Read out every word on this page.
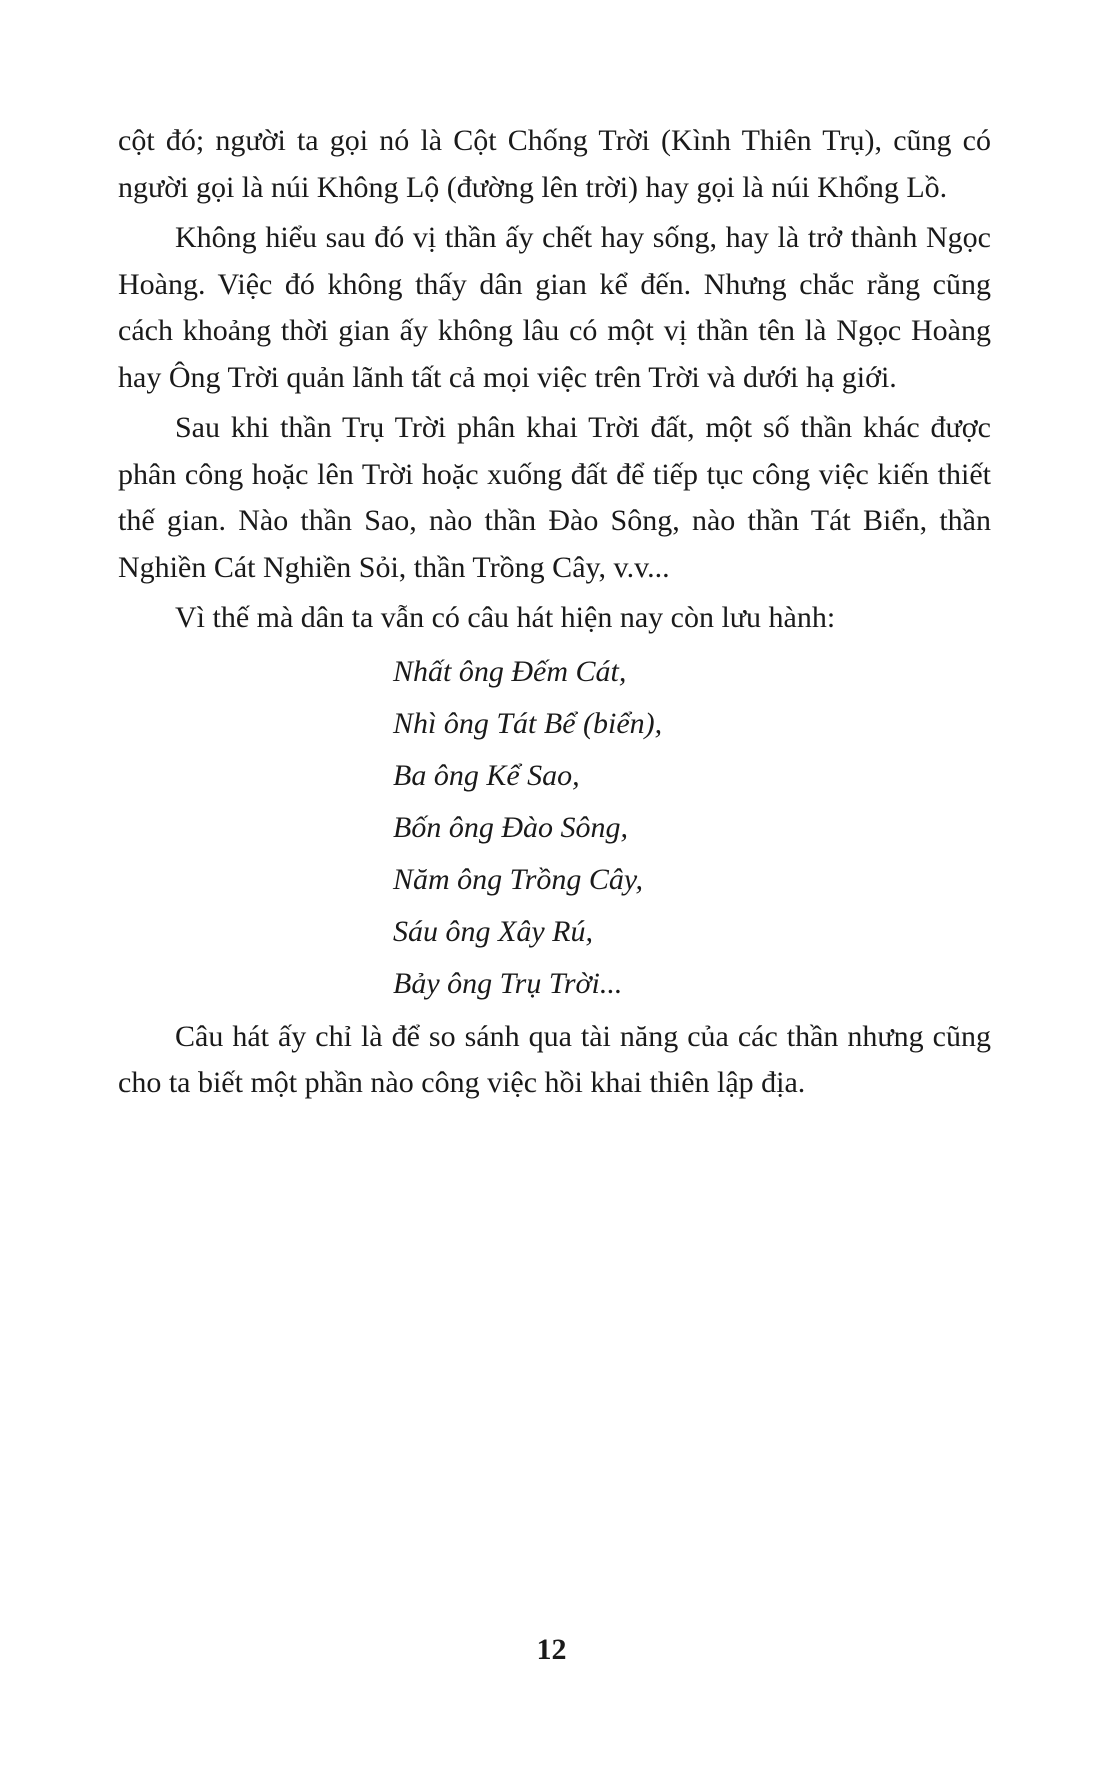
cột đó; người ta gọi nó là Cột Chống Trời (Kình Thiên Trụ), cũng có người gọi là núi Không Lộ (đường lên trời) hay gọi là núi Khổng Lồ.

Không hiểu sau đó vị thần ấy chết hay sống, hay là trở thành Ngọc Hoàng. Việc đó không thấy dân gian kể đến. Nhưng chắc rằng cũng cách khoảng thời gian ấy không lâu có một vị thần tên là Ngọc Hoàng hay Ông Trời quản lãnh tất cả mọi việc trên Trời và dưới hạ giới.

Sau khi thần Trụ Trời phân khai Trời đất, một số thần khác được phân công hoặc lên Trời hoặc xuống đất để tiếp tục công việc kiến thiết thế gian. Nào thần Sao, nào thần Đào Sông, nào thần Tát Biển, thần Nghiền Cát Nghiền Sỏi, thần Trồng Cây, v.v...

Vì thế mà dân ta vẫn có câu hát hiện nay còn lưu hành:

Nhất ông Đếm Cát,
Nhì ông Tát Bể (biển),
Ba ông Kể Sao,
Bốn ông Đào Sông,
Năm ông Trồng Cây,
Sáu ông Xây Rú,
Bảy ông Trụ Trời...

Câu hát ấy chỉ là để so sánh qua tài năng của các thần nhưng cũng cho ta biết một phần nào công việc hồi khai thiên lập địa.

12
